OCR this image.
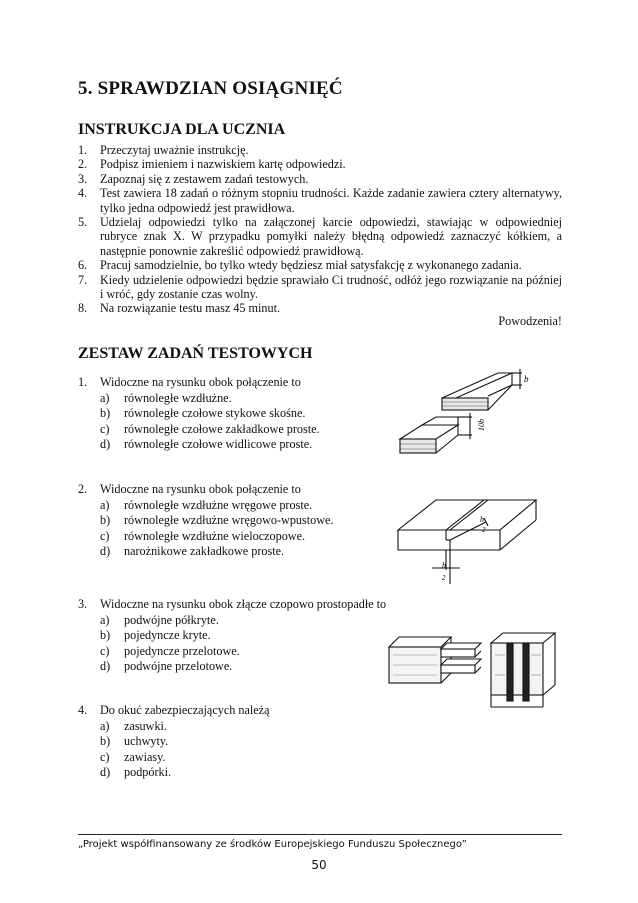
5. SPRAWDZIAN OSIĄGNIĘĆ
INSTRUKCJA DLA UCZNIA
1.	Przeczytaj uważnie instrukcję.
2.	Podpisz imieniem i nazwiskiem kartę odpowiedzi.
3.	Zapoznaj się z zestawem zadań testowych.
4.	Test zawiera 18 zadań o różnym stopniu trudności. Każde zadanie zawiera cztery alternatywy, tylko jedna odpowiedź jest prawidłowa.
5.	Udzielaj odpowiedzi tylko na załączonej karcie odpowiedzi, stawiając w odpowiedniej rubryce znak X. W przypadku pomyłki należy błędną odpowiedź zaznaczyć kółkiem, a następnie ponownie zakreślić odpowiedź prawidłową.
6.	Pracuj samodzielnie, bo tylko wtedy będziesz miał satysfakcję z wykonanego zadania.
7.	Kiedy udzielenie odpowiedzi będzie sprawiało Ci trudność, odłóż jego rozwiązanie na później i wróć, gdy zostanie czas wolny.
8.	Na rozwiązanie testu masz 45 minut.
Powodzenia!
ZESTAW ZADAŃ TESTOWYCH
1.	Widoczne na rysunku obok połączenie to
a)	równoległe wzdłużne.
b)	równoległe czołowe stykowe skośne.
c)	równoległe czołowe zakładkowe proste.
d)	równoległe czołowe widlicowe proste.
2.	Widoczne na rysunku obok połączenie to
a)	równoległe wzdłużne wręgowe proste.
b)	równoległe wzdłużne wręgowo-wpustowe.
c)	równoległe wzdłużne wieloczopowe.
d)	narożnikowe zakładkowe proste.
3.	Widoczne na rysunku obok złącze czopowo prostopadłe to
a)	podwójne półkryte.
b)	pojedyncze kryte.
c)	pojedyncze przelotowe.
d)	podwójne przelotowe.
4.	Do okuć zabezpieczających należą
a)	zasuwki.
b)	uchwyty.
c)	zawiasy.
d)	podpórki.
b
10b
h
2
h
2
„Projekt współfinansowany ze środków Europejskiego Funduszu Społecznego”
50
